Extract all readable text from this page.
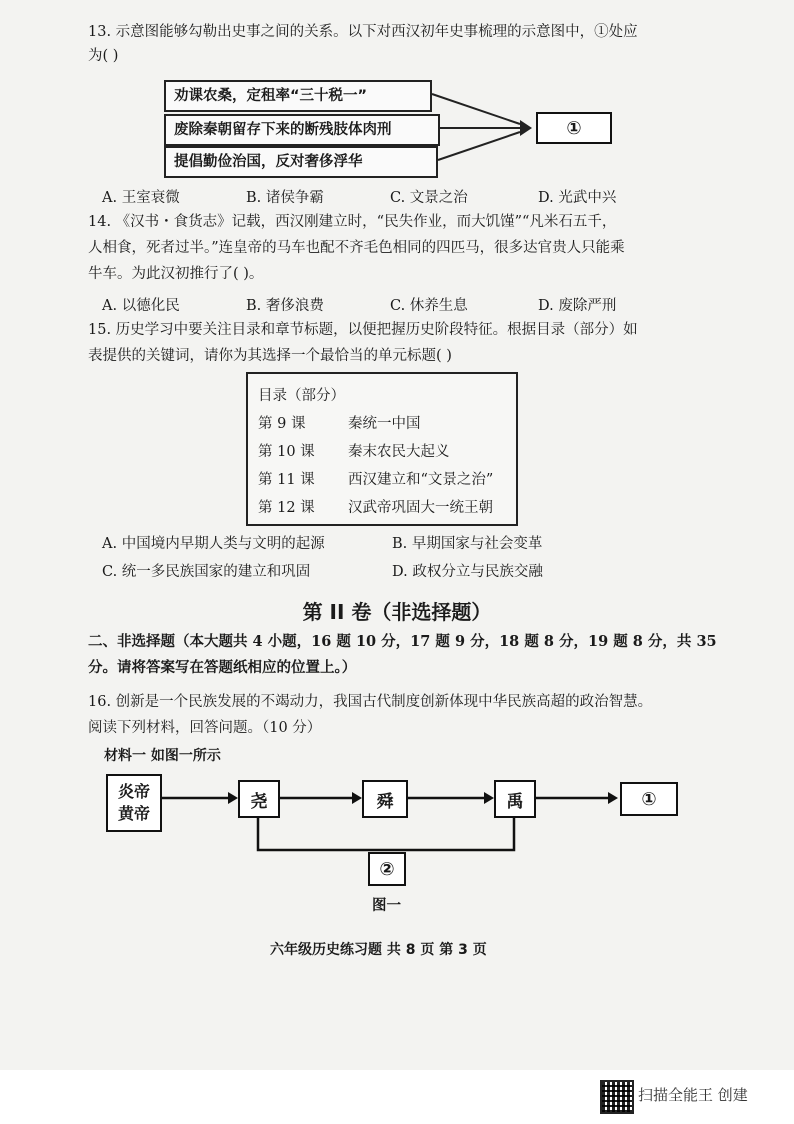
13. 示意图能够勾勒出史事之间的关系。以下对西汉初年史事梳理的示意图中，①处应
为( )
劝课农桑，定租率“三十税一”
废除秦朝留存下来的断残肢体肉刑
提倡勤俭治国，反对奢侈浮华
①
A. 王室衰微	B. 诸侯争霸	C. 文景之治	D. 光武中兴
14. 《汉书・食货志》记载，西汉刚建立时，“民失作业，而大饥馑”“凡米石五千，
人相食，死者过半。”连皇帝的马车也配不齐毛色相同的四匹马，很多达官贵人只能乘
牛车。为此汉初推行了( )。
A. 以德化民	B. 奢侈浪费	C. 休养生息	D. 废除严刑
15. 历史学习中要关注目录和章节标题，以便把握历史阶段特征。根据目录（部分）如
表提供的关键词，请你为其选择一个最恰当的单元标题( )
目录（部分）
第 9 课	秦统一中国
第 10 课 秦末农民大起义
第 11 课 西汉建立和“文景之治”
第 12 课 汉武帝巩固大一统王朝
A. 中国境内早期人类与文明的起源	B. 早期国家与社会变革
C. 统一多民族国家的建立和巩固	D. 政权分立与民族交融
第 II 卷（非选择题）
二、非选择题（本大题共 4 小题，16 题 10 分，17 题 9 分，18 题 8 分，19 题 8 分，共 35
分。请将答案写在答题纸相应的位置上。）
16. 创新是一个民族发展的不竭动力，我国古代制度创新体现中华民族高超的政治智慧。
阅读下列材料，回答问题。（10 分）
材料一 如图一所示
炎帝
黄帝
尧	舜	禹	①
②
图一
六年级历史练习题 共 8 页 第 3 页
扫描全能王 创建
